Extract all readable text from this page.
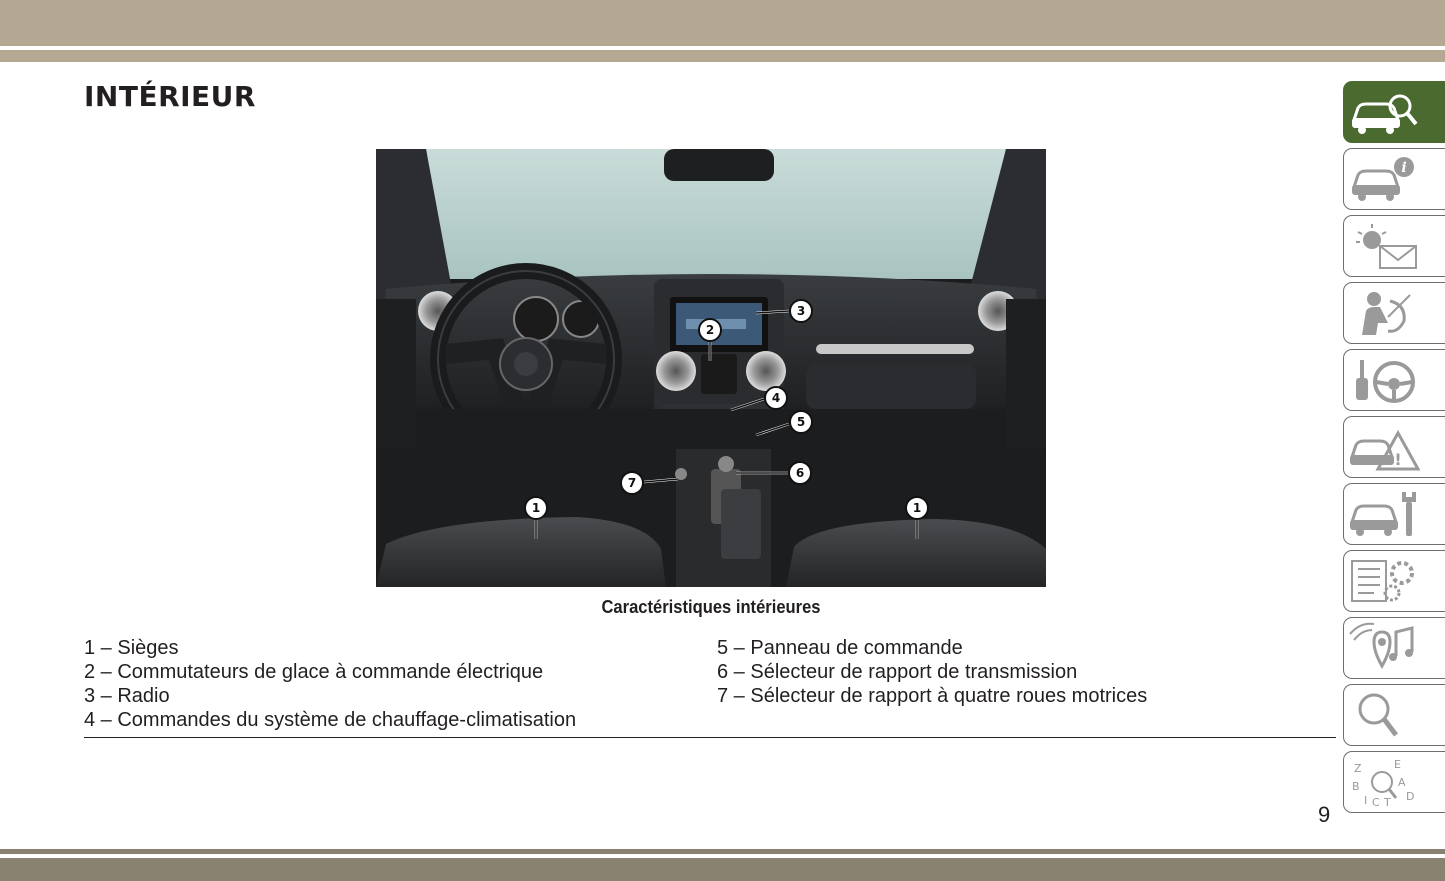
INTÉRIEUR
1	1
2
3
4
5
6
7
Caractéristiques intérieures
1 – Sièges
2 – Commutateurs de glace à commande électrique
3 – Radio
4 – Commandes du système de chauffage-climatisation
5 – Panneau de commande
6 – Sélecteur de rapport de transmission
7 – Sélecteur de rapport à quatre roues motrices
9
i
!
Z	E
B	A
I C T D
